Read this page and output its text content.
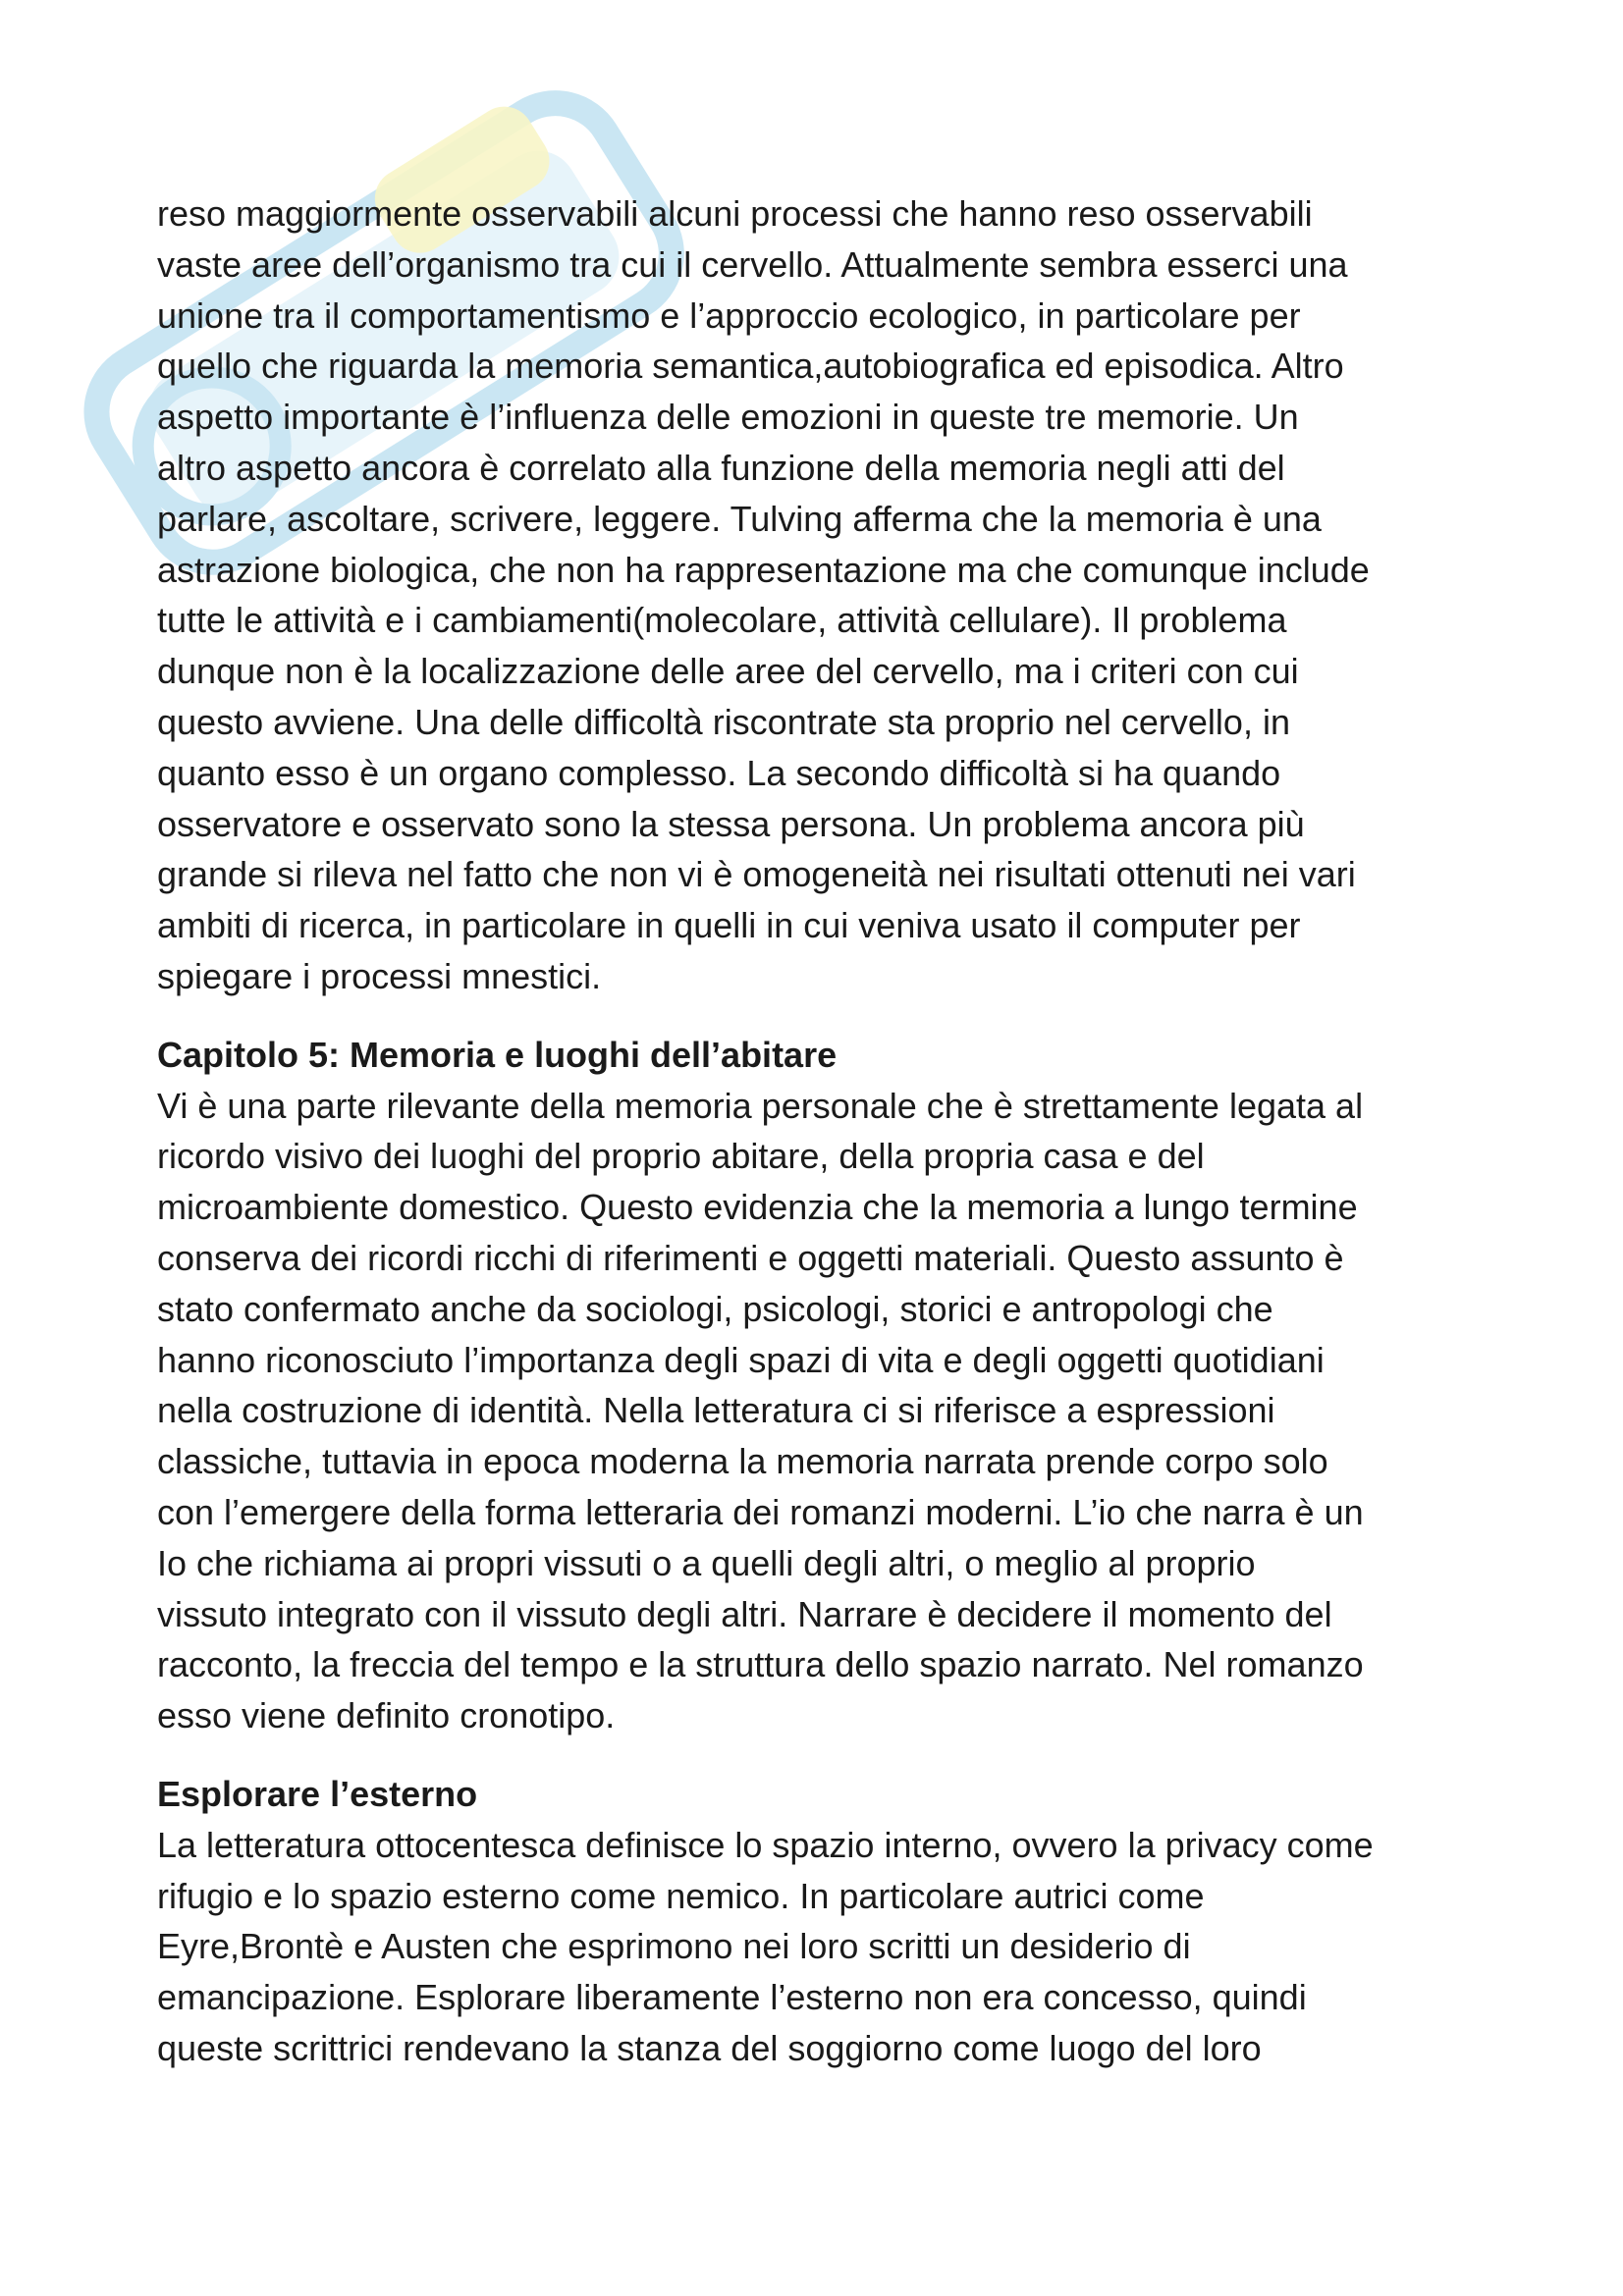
reso maggiormente osservabili alcuni processi che hanno reso osservabili

vaste aree dell’organismo tra cui il cervello. Attualmente sembra esserci una

unione tra il comportamentismo e l’approccio ecologico, in particolare per

quello che riguarda la memoria semantica,autobiografica ed episodica. Altro

aspetto importante è l’influenza delle emozioni in queste tre memorie. Un

altro aspetto ancora è correlato alla funzione della memoria negli atti del

parlare, ascoltare, scrivere, leggere. Tulving afferma che la memoria è una

astrazione biologica, che non ha rappresentazione ma che comunque include

tutte le attività e i cambiamenti(molecolare, attività cellulare). Il problema

dunque non è la localizzazione delle aree del cervello, ma i criteri con cui

questo avviene. Una delle difficoltà riscontrate sta proprio nel cervello, in

quanto esso è un organo complesso. La secondo difficoltà si ha quando

osservatore e osservato sono la stessa persona. Un problema ancora più

grande si rileva nel fatto che non vi è omogeneità nei risultati ottenuti nei vari

ambiti di ricerca, in particolare in quelli in cui veniva usato il computer per

spiegare i processi mnestici.

Capitolo 5: Memoria e luoghi dell’abitare

Vi è una parte rilevante della memoria personale che è strettamente legata al

ricordo visivo dei luoghi del proprio abitare, della propria casa e del

microambiente domestico. Questo evidenzia che la memoria a lungo termine

conserva dei ricordi ricchi di riferimenti e oggetti materiali. Questo assunto è

stato confermato anche da sociologi, psicologi, storici e antropologi che

hanno riconosciuto l’importanza degli spazi di vita e degli oggetti quotidiani

nella costruzione di identità. Nella letteratura ci si riferisce a espressioni

classiche, tuttavia in epoca moderna la memoria narrata prende corpo solo

con l’emergere della forma letteraria dei romanzi moderni. L’io che narra è un

Io che richiama ai propri vissuti o a quelli degli altri, o meglio al proprio

vissuto integrato con il vissuto degli altri. Narrare è decidere il momento del

racconto, la freccia del tempo e la struttura dello spazio narrato. Nel romanzo

esso viene definito cronotipo.

Esplorare l’esterno

La letteratura ottocentesca definisce lo spazio interno, ovvero la privacy come

rifugio e lo spazio esterno come nemico. In particolare autrici come

Eyre,Brontè e Austen che esprimono nei loro scritti un desiderio di

emancipazione. Esplorare liberamente l’esterno non era concesso, quindi

queste scrittrici rendevano la stanza del soggiorno come luogo del loro
